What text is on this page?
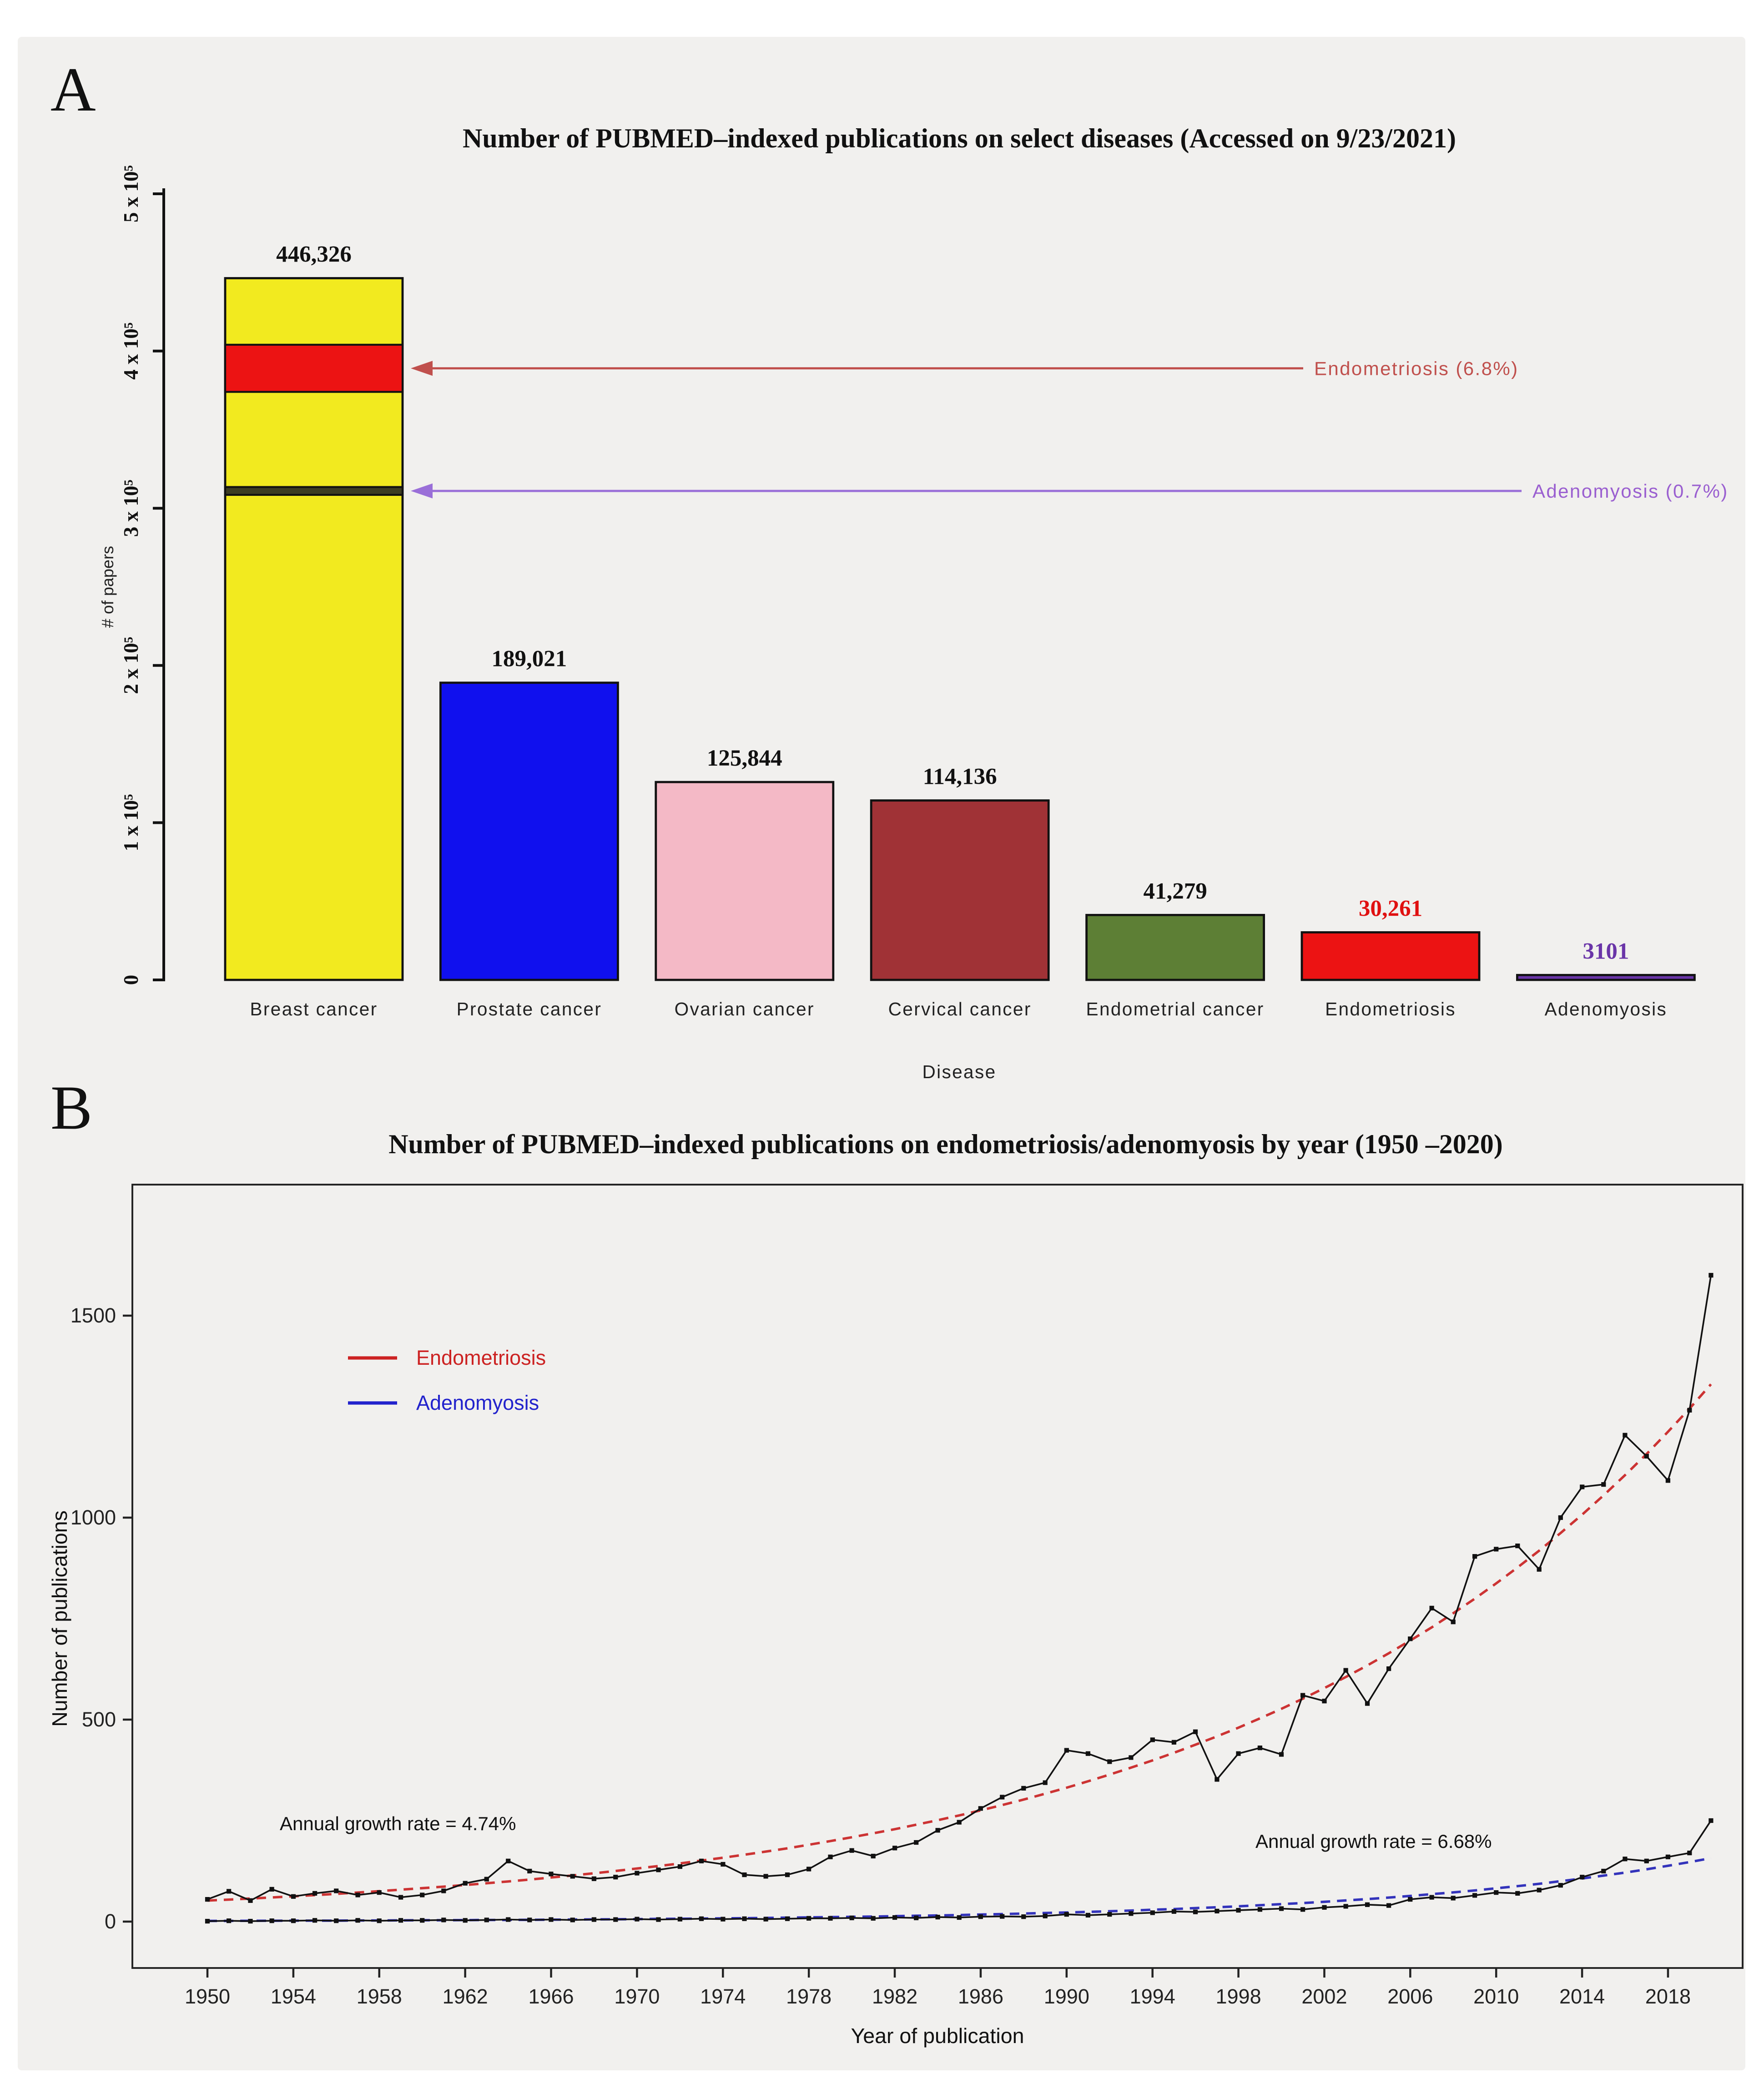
A
Number of PUBMED–indexed publications on select diseases (Accessed on 9/23/2021)
0
1 x 10⁵
2 x 10⁵
3 x 10⁵
4 x 10⁵
5 x 10⁵
# of papers
446,326
Breast cancer
189,021
Prostate cancer
125,844
Ovarian cancer
114,136
Cervical cancer
41,279
Endometrial cancer
30,261
Endometriosis
3101
Adenomyosis
Endometriosis (6.8%)
Adenomyosis (0.7%)
Disease
B
Number of PUBMED–indexed publications on endometriosis/adenomyosis by year (1950 –2020)
0
500
1000
1500
1950	1954	1958	1962	1966	1970	1974	1978	1982	1986	1990	1994	1998	2002	2006	2010	2014	2018
Number of publications
Year of publication
Endometriosis
Adenomyosis
Annual growth rate = 4.74%
Annual growth rate = 6.68%
